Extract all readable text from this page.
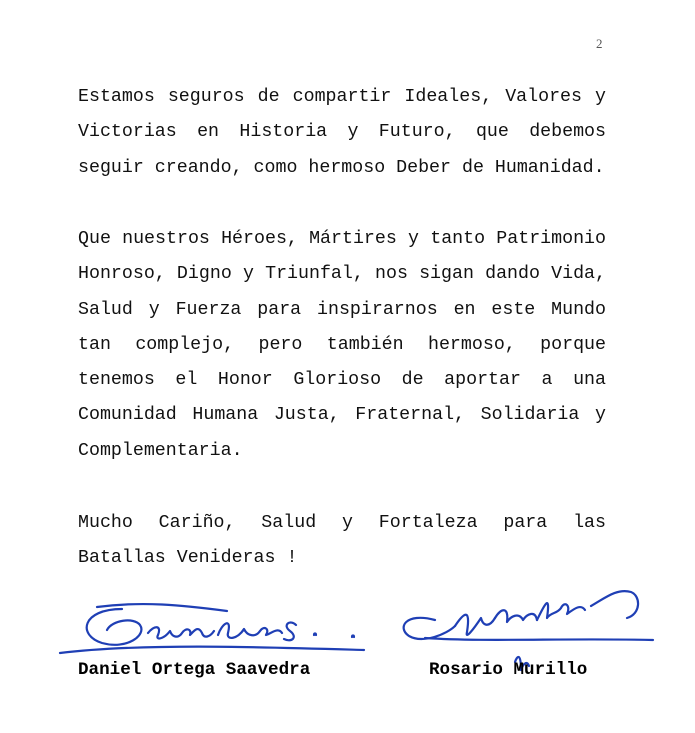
2

Estamos seguros de compartir Ideales, Valores y Victorias en Historia y Futuro, que debemos seguir creando, como hermoso Deber de Humanidad.

Que nuestros Héroes, Mártires y tanto Patrimonio Honroso, Digno y Triunfal, nos sigan dando Vida, Salud y Fuerza para inspirarnos en este Mundo tan complejo, pero también hermoso, porque tenemos el Honor Glorioso de aportar a una Comunidad Humana Justa, Fraternal, Solidaria y Complementaria.

Mucho Cariño, Salud y Fortaleza para las
Batallas Venideras !
Daniel Ortega Saavedra	Rosario Murillo
